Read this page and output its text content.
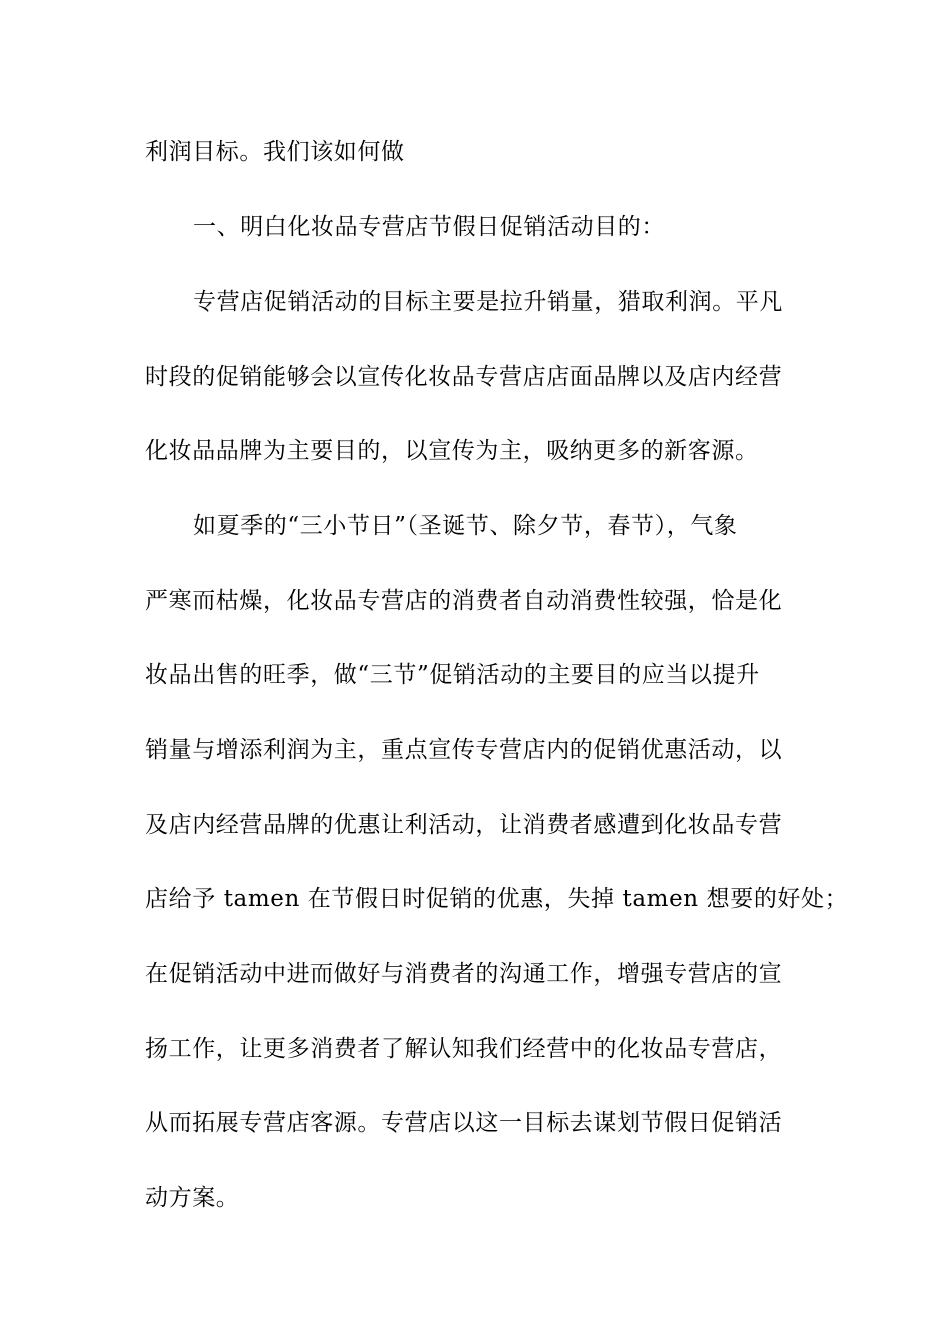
利润目标。我们该如何做
一、明白化妆品专营店节假日促销活动目的：
专营店促销活动的目标主要是拉升销量，猎取利润。平凡
时段的促销能够会以宣传化妆品专营店店面品牌以及店内经营
化妆品品牌为主要目的，以宣传为主，吸纳更多的新客源。
如夏季的“三小节日”（圣诞节、除夕节，春节），气象
严寒而枯燥，化妆品专营店的消费者自动消费性较强，恰是化
妆品出售的旺季，做“三节”促销活动的主要目的应当以提升
销量与增添利润为主，重点宣传专营店内的促销优惠活动，以
及店内经营品牌的优惠让利活动，让消费者感遭到化妆品专营
店给予 tamen 在节假日时促销的优惠，失掉 tamen 想要的好处；
在促销活动中进而做好与消费者的沟通工作，增强专营店的宣
扬工作，让更多消费者了解认知我们经营中的化妆品专营店，
从而拓展专营店客源。专营店以这一目标去谋划节假日促销活
动方案。
